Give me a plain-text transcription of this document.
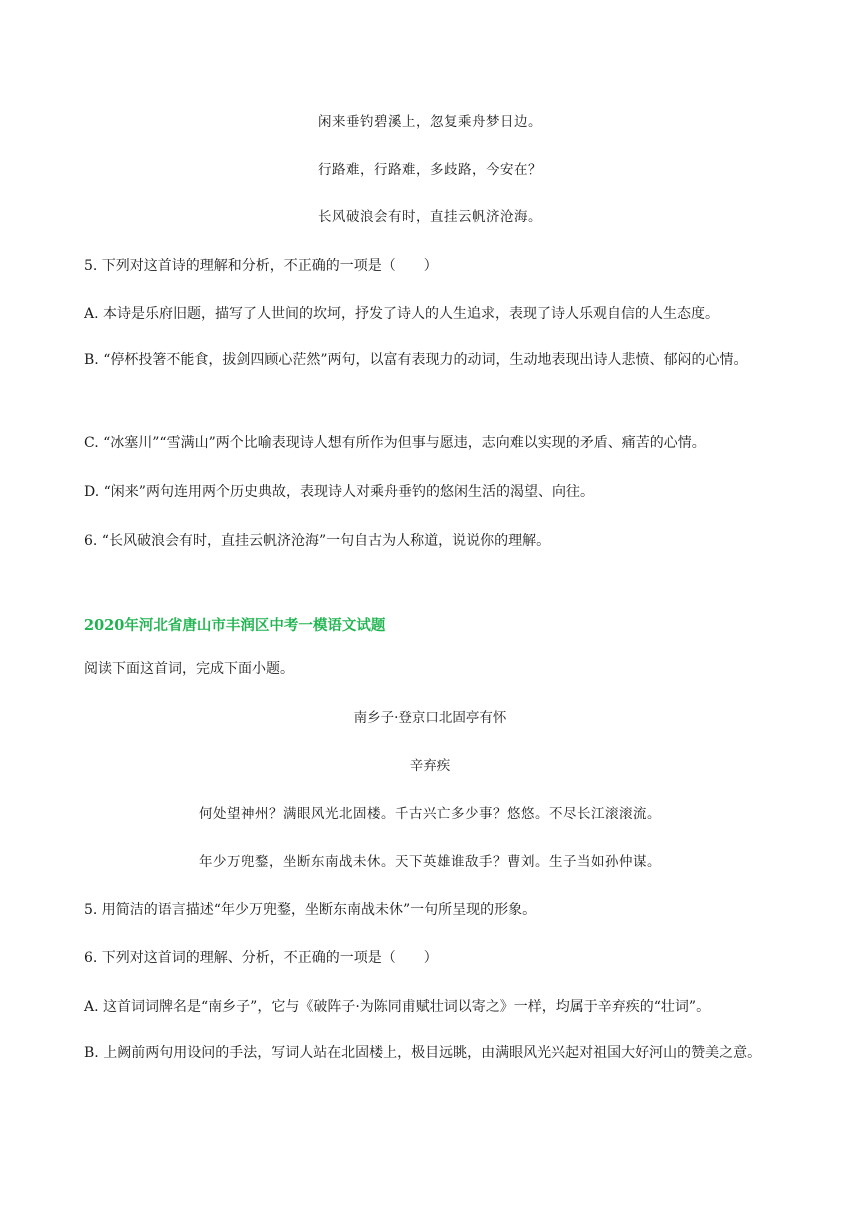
闲来垂钓碧溪上，忽复乘舟梦日边。
行路难，行路难，多歧路，今安在？
长风破浪会有时，直挂云帆济沧海。
5. 下列对这首诗的理解和分析，不正确的一项是（　　）
A. 本诗是乐府旧题，描写了人世间的坎坷，抒发了诗人的人生追求，表现了诗人乐观自信的人生态度。
B. “停杯投箸不能食，拔剑四顾心茫然”两句，以富有表现力的动词，生动地表现出诗人悲愤、郁闷的心情。
C. “冰塞川”“雪满山”两个比喻表现诗人想有所作为但事与愿违，志向难以实现的矛盾、痛苦的心情。
D. “闲来”两句连用两个历史典故，表现诗人对乘舟垂钓的悠闲生活的渴望、向往。
6. “长风破浪会有时，直挂云帆济沧海”一句自古为人称道，说说你的理解。
2020年河北省唐山市丰润区中考一模语文试题
阅读下面这首词，完成下面小题。
南乡子·登京口北固亭有怀
辛弃疾
何处望神州？满眼风光北固楼。千古兴亡多少事？悠悠。不尽长江滚滚流。
年少万兜鍪，坐断东南战未休。天下英雄谁敌手？曹刘。生子当如孙仲谋。
5. 用简洁的语言描述“年少万兜鍪，坐断东南战未休”一句所呈现的形象。
6. 下列对这首词的理解、分析，不正确的一项是（　　）
A. 这首词词牌名是“南乡子”，它与《破阵子·为陈同甫赋壮词以寄之》一样，均属于辛弃疾的“壮词”。
B. 上阙前两句用设问的手法，写词人站在北固楼上，极目远眺，由满眼风光兴起对祖国大好河山的赞美之意。
